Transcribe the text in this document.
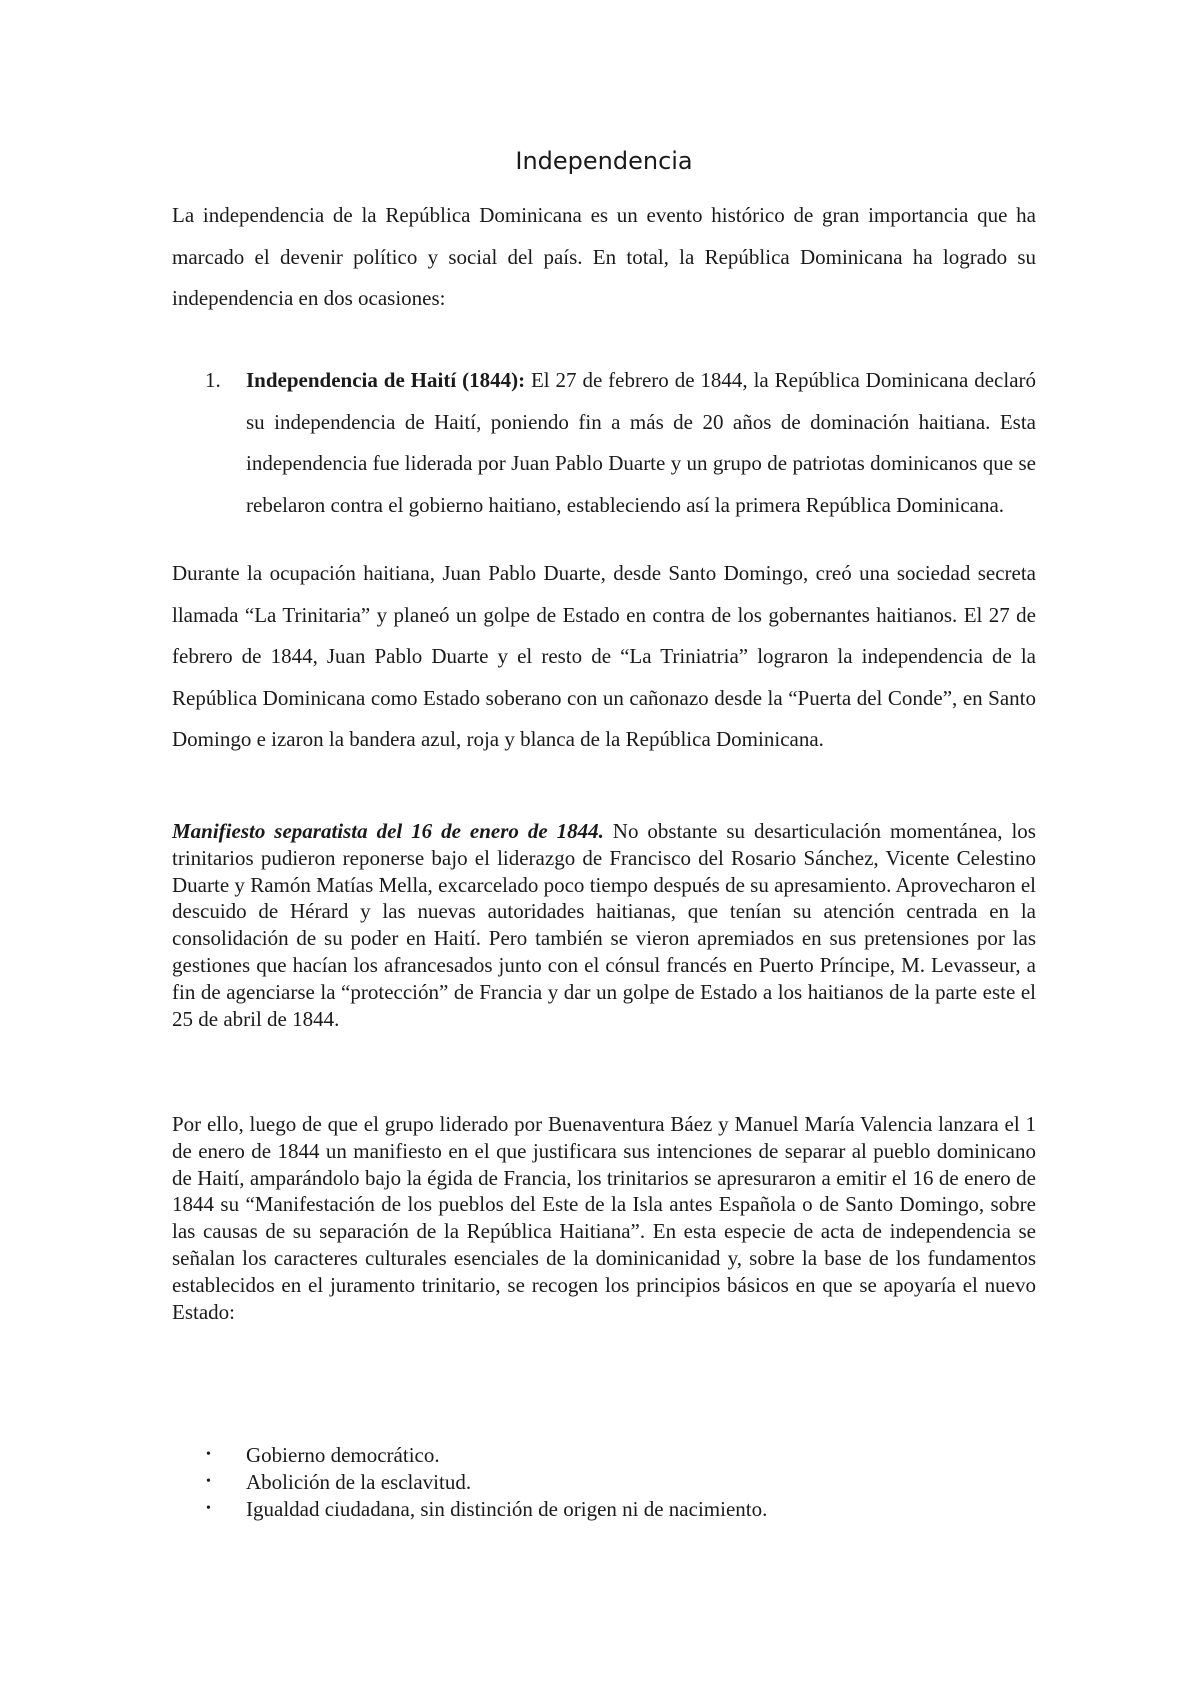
Independencia

La independencia de la República Dominicana es un evento histórico de gran importancia que ha marcado el devenir político y social del país. En total, la República Dominicana ha logrado su independencia en dos ocasiones:

1. Independencia de Haití (1844): El 27 de febrero de 1844, la República Dominicana declaró su independencia de Haití, poniendo fin a más de 20 años de dominación haitiana. Esta independencia fue liderada por Juan Pablo Duarte y un grupo de patriotas dominicanos que se rebelaron contra el gobierno haitiano, estableciendo así la primera República Dominicana.

Durante la ocupación haitiana, Juan Pablo Duarte, desde Santo Domingo, creó una sociedad secreta llamada “La Trinitaria” y planeó un golpe de Estado en contra de los gobernantes haitianos. El 27 de febrero de 1844, Juan Pablo Duarte y el resto de “La Triniatria” lograron la independencia de la República Dominicana como Estado soberano con un cañonazo desde la “Puerta del Conde”, en Santo Domingo e izaron la bandera azul, roja y blanca de la República Dominicana.

Manifiesto separatista del 16 de enero de 1844. No obstante su desarticulación momentánea, los trinitarios pudieron reponerse bajo el liderazgo de Francisco del Rosario Sánchez, Vicente Celestino Duarte y Ramón Matías Mella, excarcelado poco tiempo después de su apresamiento. Aprovecharon el descuido de Hérard y las nuevas autoridades haitianas, que tenían su atención centrada en la consolidación de su poder en Haití. Pero también se vieron apremiados en sus pretensiones por las gestiones que hacían los afrancesados junto con el cónsul francés en Puerto Príncipe, M. Levasseur, a fin de agenciarse la “protección” de Francia y dar un golpe de Estado a los haitianos de la parte este el 25 de abril de 1844.

Por ello, luego de que el grupo liderado por Buenaventura Báez y Manuel María Valencia lanzara el 1 de enero de 1844 un manifiesto en el que justificara sus intenciones de separar al pueblo dominicano de Haití, amparándolo bajo la égida de Francia, los trinitarios se apresuraron a emitir el 16 de enero de 1844 su “Manifestación de los pueblos del Este de la Isla antes Española o de Santo Domingo, sobre las causas de su separación de la República Haitiana”. En esta especie de acta de independencia se señalan los caracteres culturales esenciales de la dominicanidad y, sobre la base de los fundamentos establecidos en el juramento trinitario, se recogen los principios básicos en que se apoyaría el nuevo Estado:

• Gobierno democrático.
• Abolición de la esclavitud.
• Igualdad ciudadana, sin distinción de origen ni de nacimiento.
